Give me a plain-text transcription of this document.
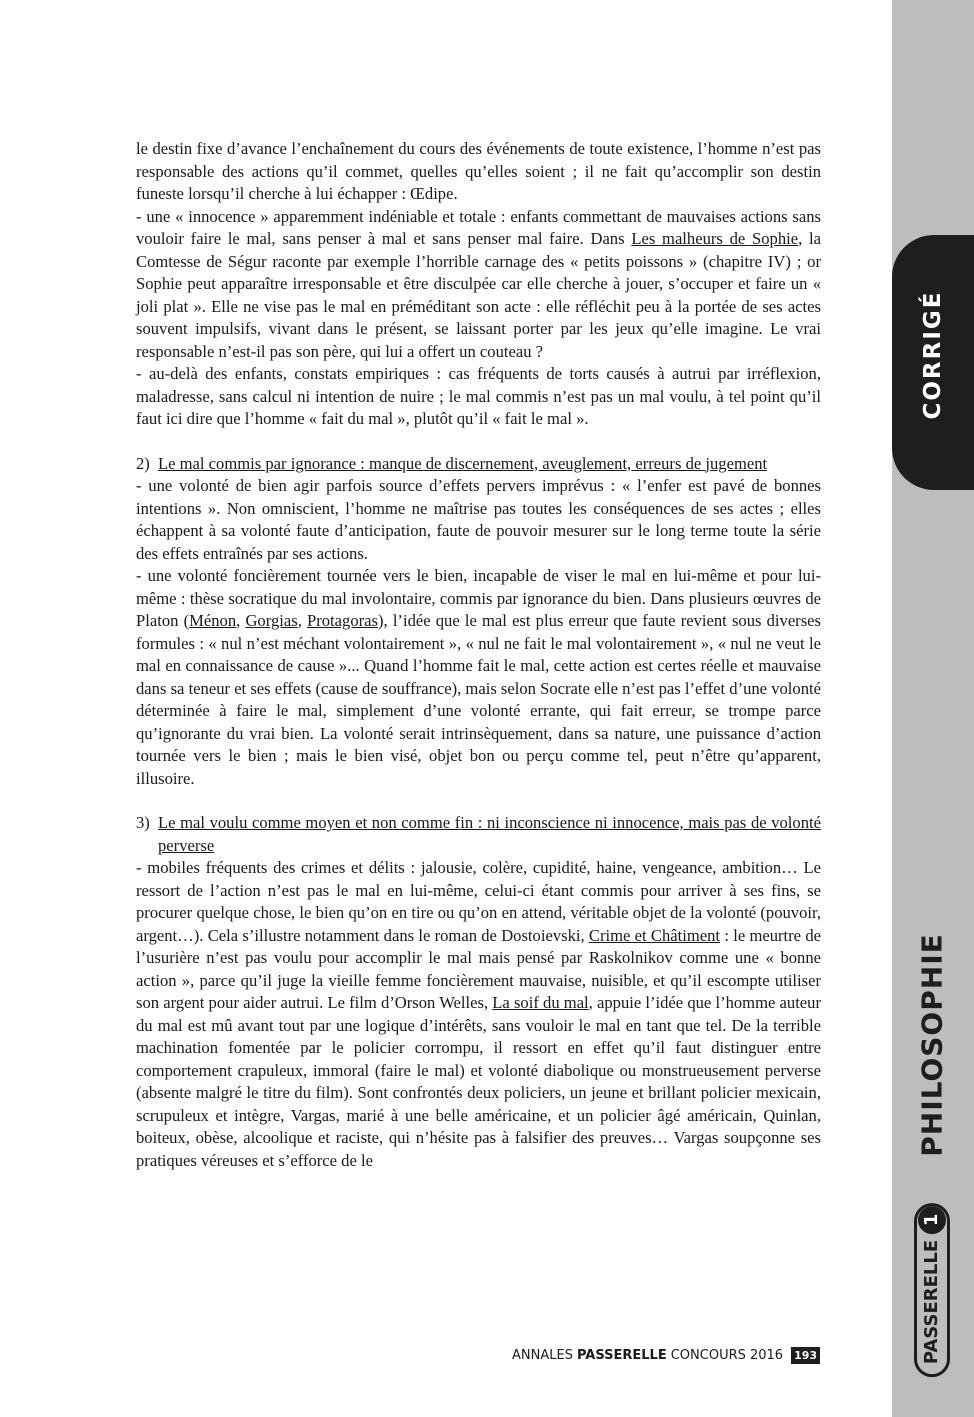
CORRIGÉ
PHILOSOPHIE
PASSERELLE
1

le destin fixe d’avance l’enchaînement du cours des événements de toute existence, l’homme n’est pas responsable des actions qu’il commet, quelles qu’elles soient ; il ne fait qu’accomplir son destin funeste lorsqu’il cherche à lui échapper : Œdipe.

- une « innocence » apparemment indéniable et totale : enfants commettant de mauvaises actions sans vouloir faire le mal, sans penser à mal et sans penser mal faire. Dans Les malheurs de Sophie, la Comtesse de Ségur raconte par exemple l’horrible carnage des « petits poissons » (chapitre IV) ; or Sophie peut apparaître irresponsable et être disculpée car elle cherche à jouer, s’occuper et faire un « joli plat ». Elle ne vise pas le mal en préméditant son acte : elle réfléchit peu à la portée de ses actes souvent impulsifs, vivant dans le présent, se laissant porter par les jeux qu’elle imagine. Le vrai responsable n’est-il pas son père, qui lui a offert un couteau ?

- au-delà des enfants, constats empiriques : cas fréquents de torts causés à autrui par irréflexion, maladresse, sans calcul ni intention de nuire ; le mal commis n’est pas un mal voulu, à tel point qu’il faut ici dire que l’homme « fait du mal », plutôt qu’il « fait le mal ».

2) Le mal commis par ignorance : manque de discernement, aveuglement, erreurs de jugement

- une volonté de bien agir parfois source d’effets pervers imprévus : « l’enfer est pavé de bonnes intentions ». Non omniscient, l’homme ne maîtrise pas toutes les conséquences de ses actes ; elles échappent à sa volonté faute d’anticipation, faute de pouvoir mesurer sur le long terme toute la série des effets entraînés par ses actions.

- une volonté foncièrement tournée vers le bien, incapable de viser le mal en lui-même et pour lui-même : thèse socratique du mal involontaire, commis par ignorance du bien. Dans plusieurs œuvres de Platon (Ménon, Gorgias, Protagoras), l’idée que le mal est plus erreur que faute revient sous diverses formules : « nul n’est méchant volontairement », « nul ne fait le mal volontairement », « nul ne veut le mal en connaissance de cause »... Quand l’homme fait le mal, cette action est certes réelle et mauvaise dans sa teneur et ses effets (cause de souffrance), mais selon Socrate elle n’est pas l’effet d’une volonté déterminée à faire le mal, simplement d’une volonté errante, qui fait erreur, se trompe parce qu’ignorante du vrai bien. La volonté serait intrinsèquement, dans sa nature, une puissance d’action tournée vers le bien ; mais le bien visé, objet bon ou perçu comme tel, peut n’être qu’apparent, illusoire.

3) Le mal voulu comme moyen et non comme fin : ni inconscience ni innocence, mais pas de volonté perverse

- mobiles fréquents des crimes et délits : jalousie, colère, cupidité, haine, vengeance, ambition… Le ressort de l’action n’est pas le mal en lui-même, celui-ci étant commis pour arriver à ses fins, se procurer quelque chose, le bien qu’on en tire ou qu’on en attend, véritable objet de la volonté (pouvoir, argent…). Cela s’illustre notamment dans le roman de Dostoievski, Crime et Châtiment : le meurtre de l’usurière n’est pas voulu pour accomplir le mal mais pensé par Raskolnikov comme une « bonne action », parce qu’il juge la vieille femme foncièrement mauvaise, nuisible, et qu’il escompte utiliser son argent pour aider autrui. Le film d’Orson Welles, La soif du mal, appuie l’idée que l’homme auteur du mal est mû avant tout par une logique d’intérêts, sans vouloir le mal en tant que tel. De la terrible machination fomentée par le policier corrompu, il ressort en effet qu’il faut distinguer entre comportement crapuleux, immoral (faire le mal) et volonté diabolique ou monstrueusement perverse (absente malgré le titre du film). Sont confrontés deux policiers, un jeune et brillant policier mexicain, scrupuleux et intègre, Vargas, marié à une belle américaine, et un policier âgé américain, Quinlan, boiteux, obèse, alcoolique et raciste, qui n’hésite pas à falsifier des preuves… Vargas soupçonne ses pratiques véreuses et s’efforce de le

ANNALES PASSERELLE CONCOURS 2016 193
